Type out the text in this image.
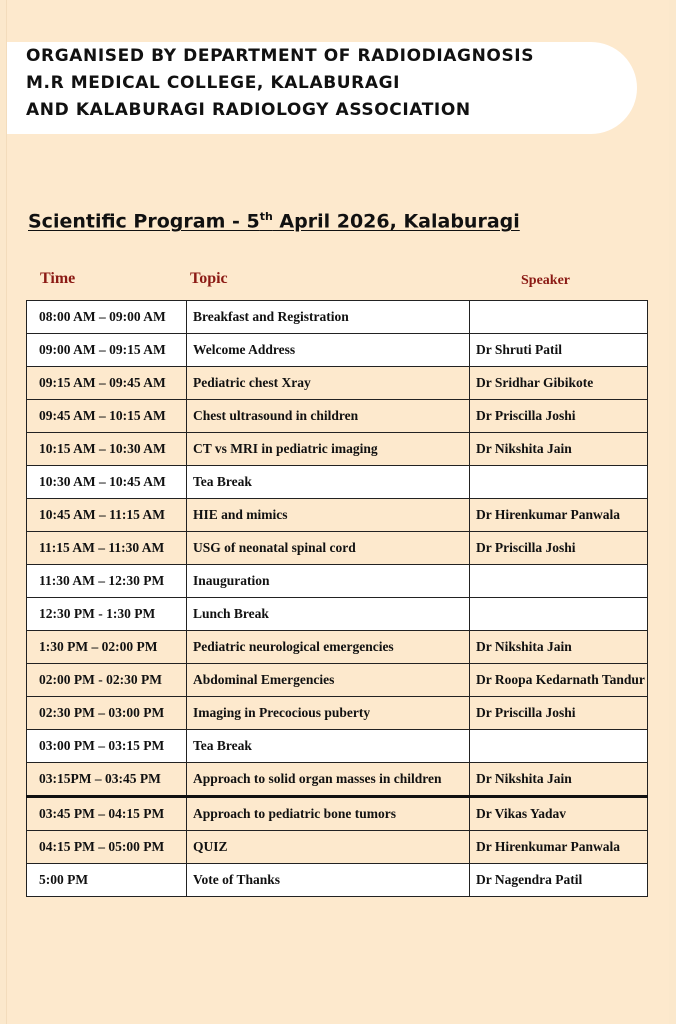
ORGANISED BY DEPARTMENT OF RADIODIAGNOSIS
M.R MEDICAL COLLEGE, KALABURAGI
AND KALABURAGI RADIOLOGY ASSOCIATION
Scientific Program - 5th April 2026, Kalaburagi
Time	Topic	Speaker
08:00 AM – 09:00 AM	Breakfast and Registration	
09:00 AM – 09:15 AM	Welcome Address	Dr Shruti Patil
09:15 AM – 09:45 AM	Pediatric chest Xray	Dr Sridhar Gibikote
09:45 AM – 10:15 AM	Chest ultrasound in children	Dr Priscilla Joshi
10:15 AM – 10:30 AM	CT vs MRI in pediatric imaging	Dr Nikshita Jain
10:30 AM – 10:45 AM	Tea Break	
10:45 AM – 11:15 AM	HIE and mimics	Dr Hirenkumar Panwala
11:15 AM – 11:30 AM	USG of neonatal spinal cord	Dr Priscilla Joshi
11:30 AM – 12:30 PM	Inauguration	
12:30 PM - 1:30 PM	Lunch Break	
1:30 PM – 02:00 PM	Pediatric neurological emergencies	Dr Nikshita Jain
02:00 PM - 02:30 PM	Abdominal Emergencies	Dr Roopa Kedarnath Tandur
02:30 PM – 03:00 PM	Imaging in Precocious puberty	Dr Priscilla Joshi
03:00 PM – 03:15 PM	Tea Break	
03:15PM – 03:45 PM	Approach to solid organ masses in children	Dr Nikshita Jain
03:45 PM – 04:15 PM	Approach to pediatric bone tumors	Dr Vikas Yadav
04:15 PM – 05:00 PM	QUIZ	Dr Hirenkumar Panwala
5:00 PM	Vote of Thanks	Dr Nagendra Patil
